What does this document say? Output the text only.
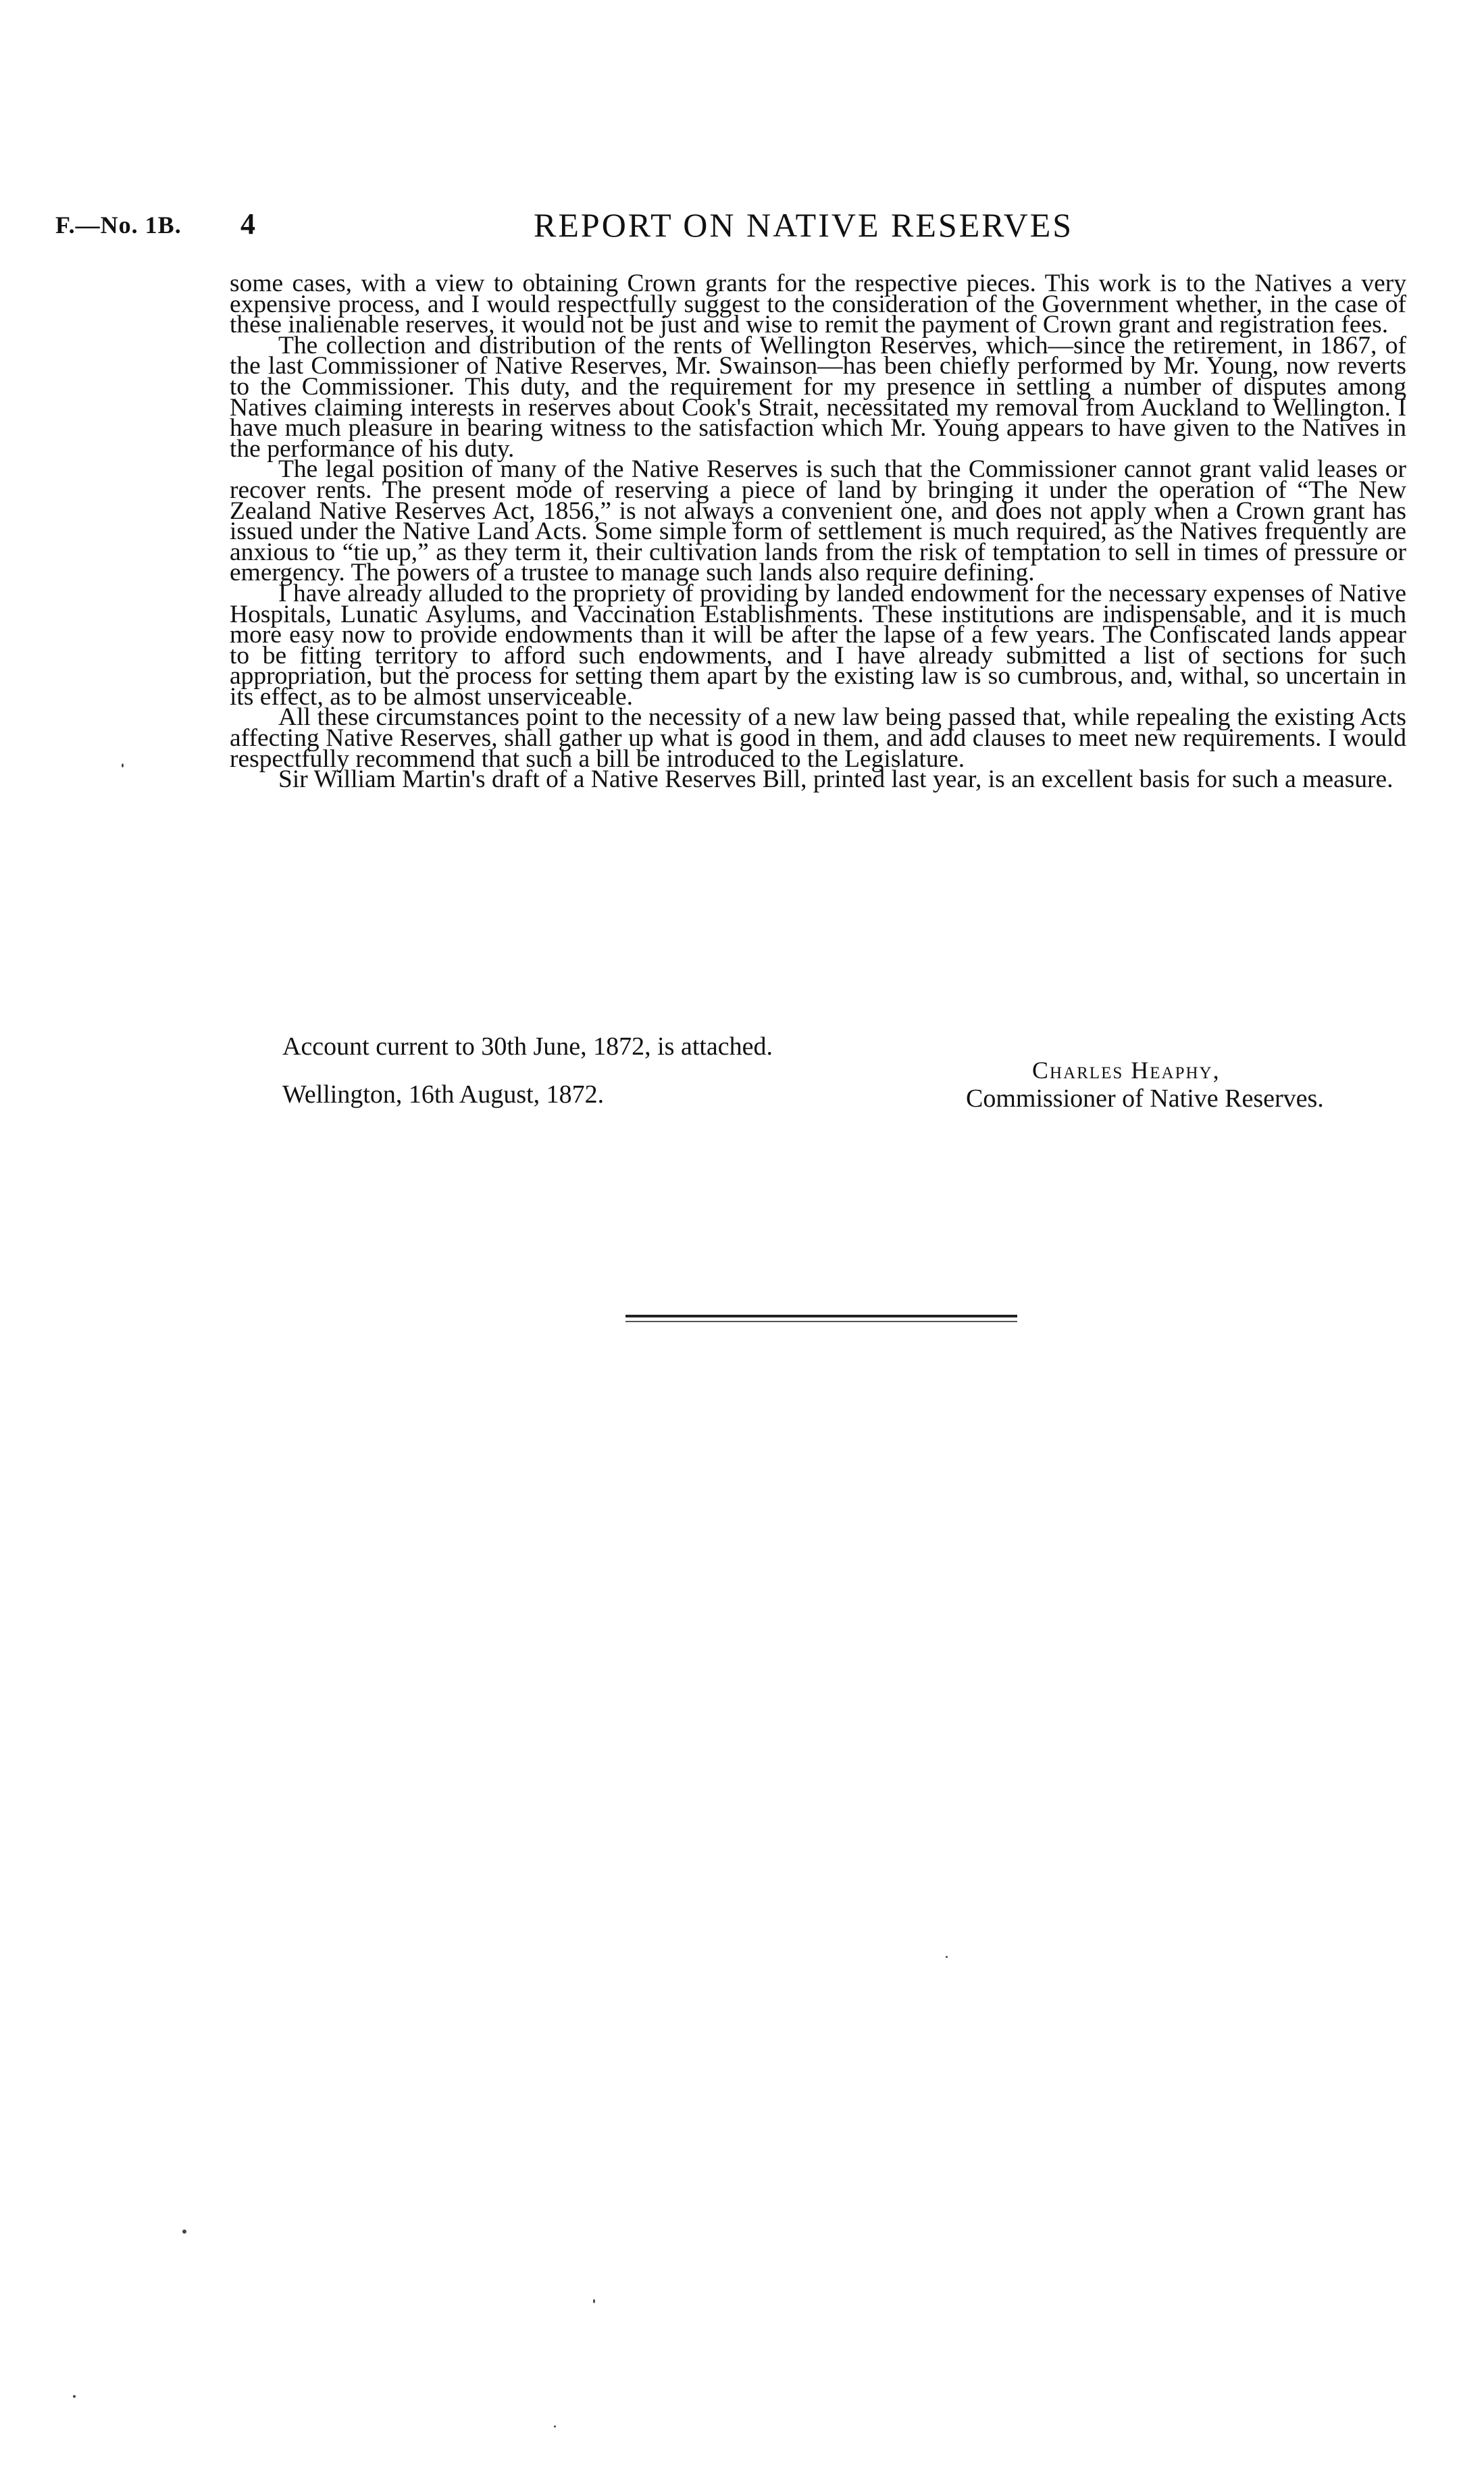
F.—No. 1B. 4	REPORT ON NATIVE RESERVES

some cases, with a view to obtaining Crown grants for the respective pieces. This work is to the Natives a very expensive process, and I would respectfully suggest to the consideration of the Government whether, in the case of these inalienable reserves, it would not be just and wise to remit the payment of Crown grant and registration fees.

The collection and distribution of the rents of Wellington Reserves, which—since the retirement, in 1867, of the last Commissioner of Native Reserves, Mr. Swainson—has been chiefly performed by Mr. Young, now reverts to the Commissioner. This duty, and the requirement for my presence in settling a number of disputes among Natives claiming interests in reserves about Cook's Strait, necessitated my removal from Auckland to Wellington. I have much pleasure in bearing witness to the satisfaction which Mr. Young appears to have given to the Natives in the performance of his duty.

The legal position of many of the Native Reserves is such that the Commissioner cannot grant valid leases or recover rents. The present mode of reserving a piece of land by bringing it under the operation of “The New Zealand Native Reserves Act, 1856,” is not always a convenient one, and does not apply when a Crown grant has issued under the Native Land Acts. Some simple form of settlement is much required, as the Natives frequently are anxious to “tie up,” as they term it, their cultivation lands from the risk of temptation to sell in times of pressure or emergency. The powers of a trustee to manage such lands also require defining.

I have already alluded to the propriety of providing by landed endowment for the necessary expenses of Native Hospitals, Lunatic Asylums, and Vaccination Establishments. These institutions are indispensable, and it is much more easy now to provide endowments than it will be after the lapse of a few years. The Confiscated lands appear to be fitting territory to afford such endowments, and I have already submitted a list of sections for such appropriation, but the process for setting them apart by the existing law is so cumbrous, and, withal, so uncertain in its effect, as to be almost unserviceable.

All these circumstances point to the necessity of a new law being passed that, while repealing the existing Acts affecting Native Reserves, shall gather up what is good in them, and add clauses to meet new requirements. I would respectfully recommend that such a bill be introduced to the Legislature.

Sir William Martin's draft of a Native Reserves Bill, printed last year, is an excellent basis for such a measure.

Account current to 30th June, 1872, is attached.
Wellington, 16th August, 1872.
Charles Heaphy,
Commissioner of Native Reserves.
